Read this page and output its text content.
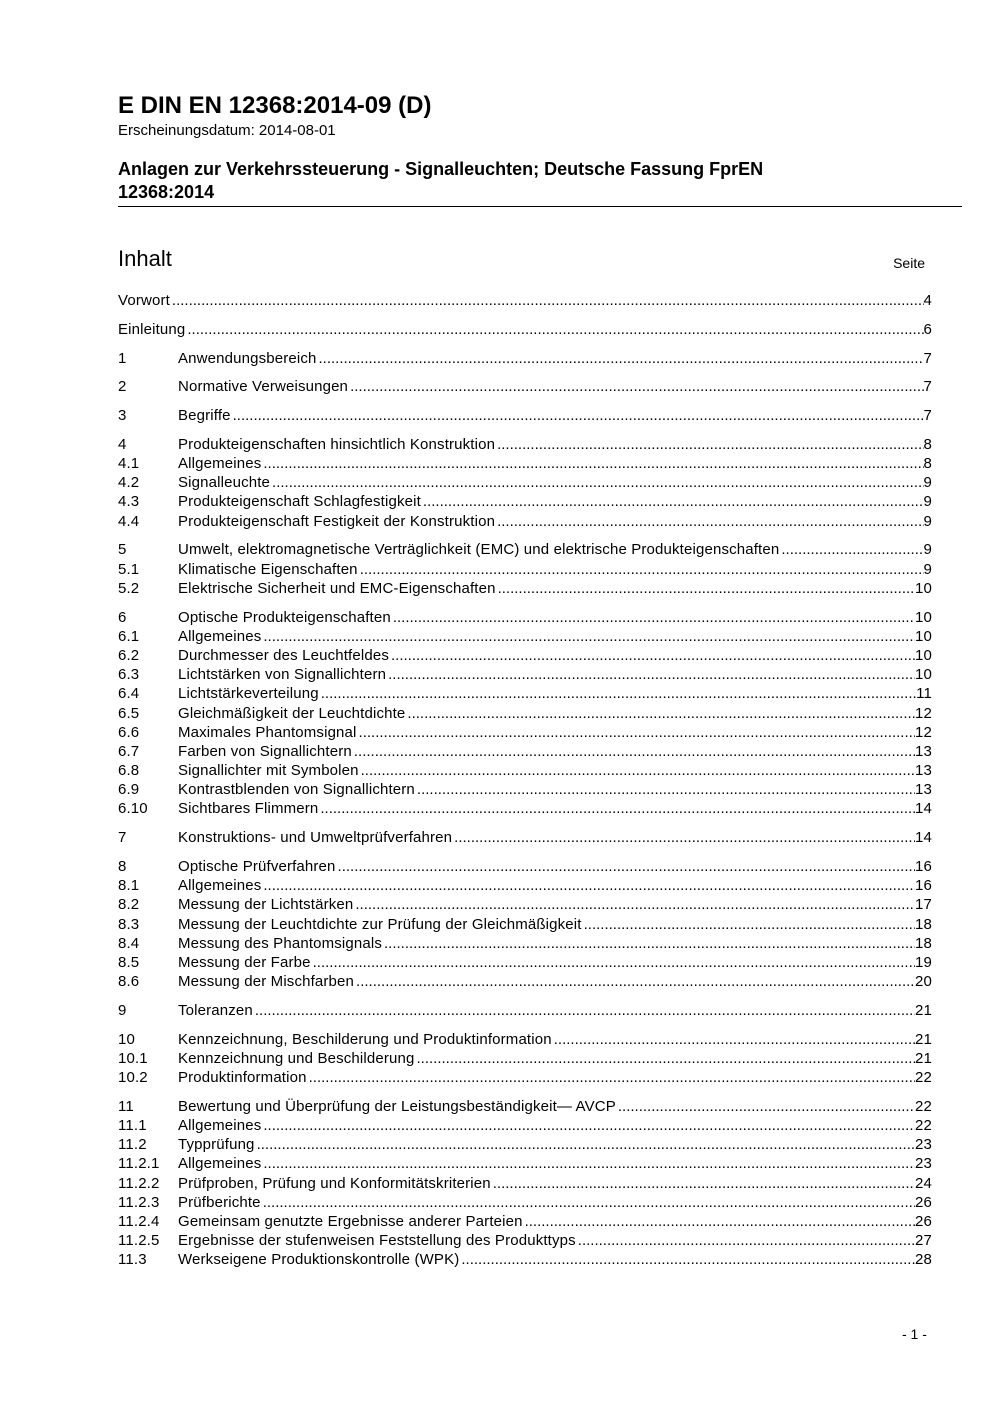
E DIN EN 12368:2014-09 (D)
Erscheinungsdatum: 2014-08-01
Anlagen zur Verkehrssteuerung - Signalleuchten; Deutsche Fassung FprEN
12368:2014
Inhalt	Seite
Vorwort .....	4
Einleitung .....	6
1	Anwendungsbereich .....	7
2	Normative Verweisungen .....	7
3	Begriffe .....	7
4	Produkteigenschaften hinsichtlich Konstruktion .....	8
4.1	Allgemeines .....	8
4.2	Signalleuchte .....	9
4.3	Produkteigenschaft Schlagfestigkeit .....	9
4.4	Produkteigenschaft Festigkeit der Konstruktion .....	9
5	Umwelt, elektromagnetische Verträglichkeit (EMC) und elektrische Produkteigenschaften .....	9
5.1	Klimatische Eigenschaften .....	9
5.2	Elektrische Sicherheit und EMC-Eigenschaften .....	10
6	Optische Produkteigenschaften .....	10
6.1	Allgemeines .....	10
6.2	Durchmesser des Leuchtfeldes .....	10
6.3	Lichtstärken von Signallichtern .....	10
6.4	Lichtstärkeverteilung .....	11
6.5	Gleichmäßigkeit der Leuchtdichte .....	12
6.6	Maximales Phantomsignal .....	12
6.7	Farben von Signallichtern .....	13
6.8	Signallichter mit Symbolen .....	13
6.9	Kontrastblenden von Signallichtern .....	13
6.10	Sichtbares Flimmern .....	14
7	Konstruktions- und Umweltprüfverfahren .....	14
8	Optische Prüfverfahren .....	16
8.1	Allgemeines .....	16
8.2	Messung der Lichtstärken .....	17
8.3	Messung der Leuchtdichte zur Prüfung der Gleichmäßigkeit .....	18
8.4	Messung des Phantomsignals .....	18
8.5	Messung der Farbe .....	19
8.6	Messung der Mischfarben .....	20
9	Toleranzen .....	21
10	Kennzeichnung, Beschilderung und Produktinformation .....	21
10.1	Kennzeichnung und Beschilderung .....	21
10.2	Produktinformation .....	22
11	Bewertung und Überprüfung der Leistungsbeständigkeit— AVCP .....	22
11.1	Allgemeines .....	22
11.2	Typprüfung .....	23
11.2.1	Allgemeines .....	23
11.2.2	Prüfproben, Prüfung und Konformitätskriterien .....	24
11.2.3	Prüfberichte .....	26
11.2.4	Gemeinsam genutzte Ergebnisse anderer Parteien .....	26
11.2.5	Ergebnisse der stufenweisen Feststellung des Produkttyps .....	27
11.3	Werkseigene Produktionskontrolle (WPK) .....	28
- 1 -
